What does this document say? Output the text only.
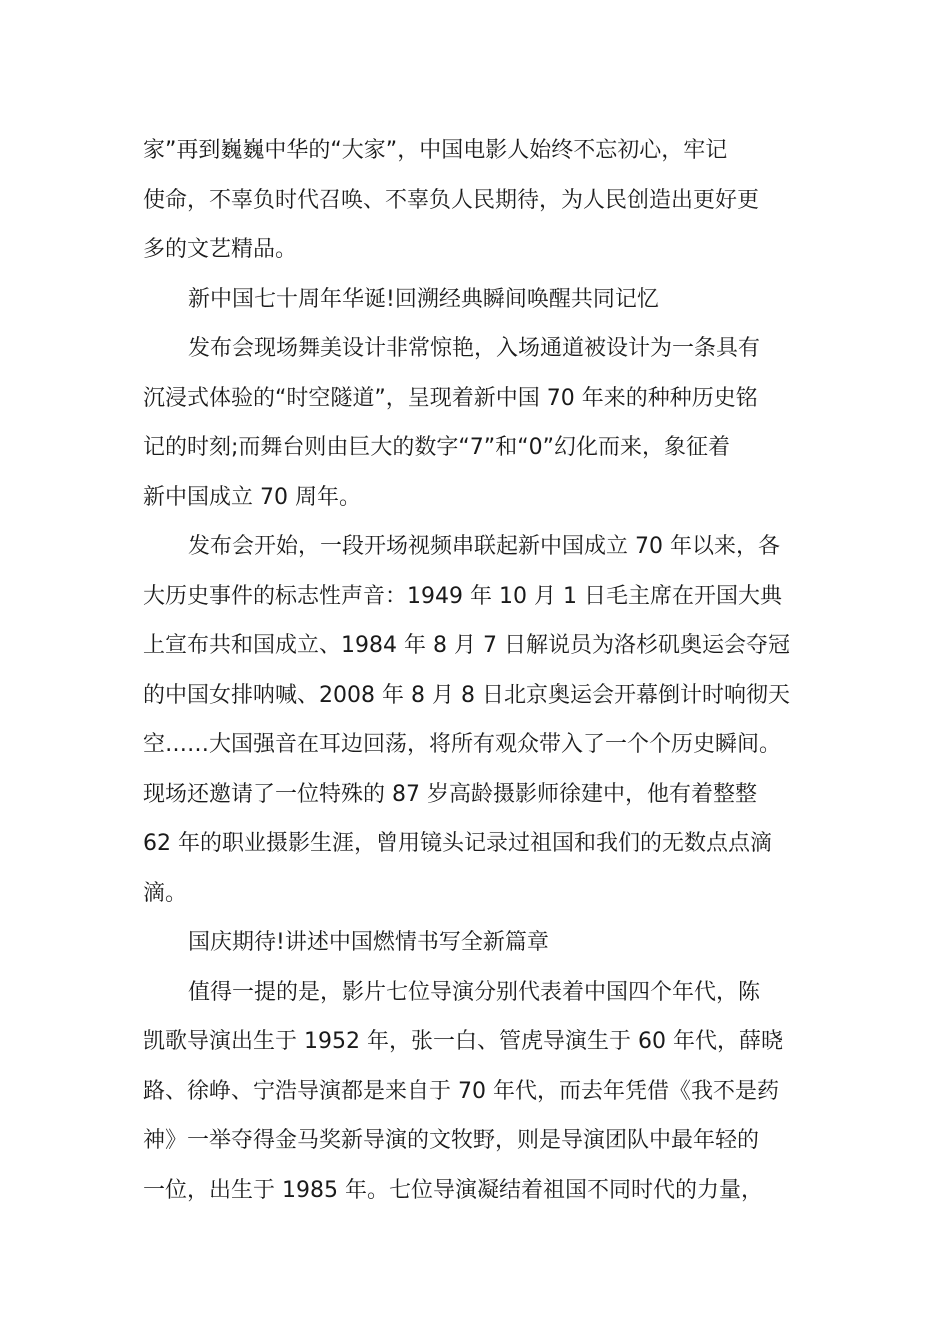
家”再到巍巍中华的“大家”，中国电影人始终不忘初心，牢记

使命，不辜负时代召唤、不辜负人民期待，为人民创造出更好更

多的文艺精品。

新中国七十周年华诞!回溯经典瞬间唤醒共同记忆

发布会现场舞美设计非常惊艳，入场通道被设计为一条具有

沉浸式体验的“时空隧道”，呈现着新中国 70 年来的种种历史铭

记的时刻;而舞台则由巨大的数字“7”和“0”幻化而来，象征着

新中国成立 70 周年。

发布会开始，一段开场视频串联起新中国成立 70 年以来，各

大历史事件的标志性声音：1949 年 10 月 1 日毛主席在开国大典

上宣布共和国成立、1984 年 8 月 7 日解说员为洛杉矶奥运会夺冠

的中国女排呐喊、2008 年 8 月 8 日北京奥运会开幕倒计时响彻天

空……大国强音在耳边回荡，将所有观众带入了一个个历史瞬间。

现场还邀请了一位特殊的 87 岁高龄摄影师徐建中，他有着整整

62 年的职业摄影生涯，曾用镜头记录过祖国和我们的无数点点滴

滴。

国庆期待!讲述中国燃情书写全新篇章

值得一提的是，影片七位导演分别代表着中国四个年代，陈

凯歌导演出生于 1952 年，张一白、管虎导演生于 60 年代，薛晓

路、徐峥、宁浩导演都是来自于 70 年代，而去年凭借《我不是药

神》一举夺得金马奖新导演的文牧野，则是导演团队中最年轻的

一位，出生于 1985 年。七位导演凝结着祖国不同时代的力量，
